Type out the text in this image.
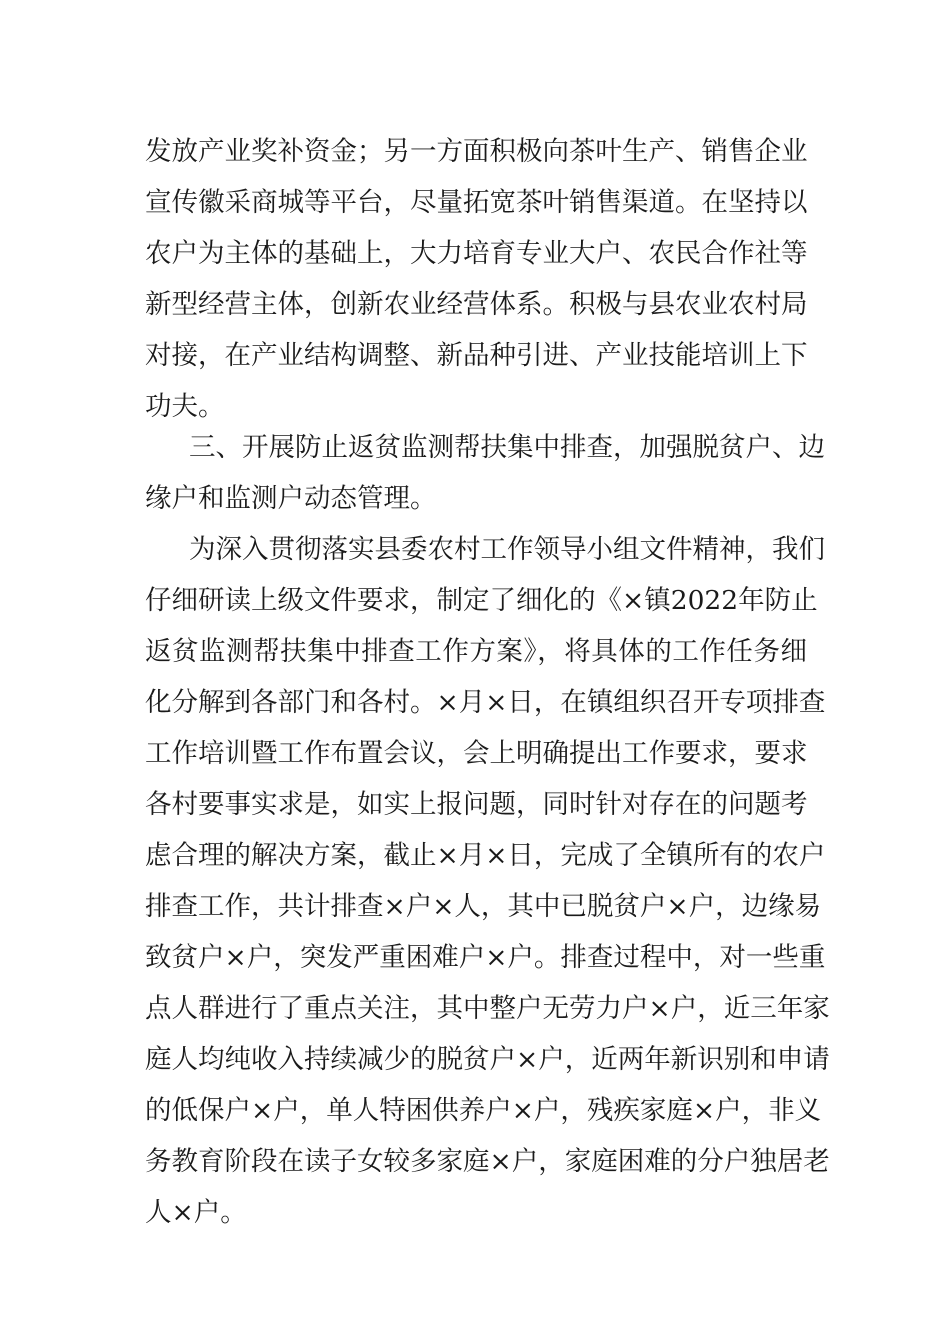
发放产业奖补资金；另一方面积极向茶叶生产、销售企业
宣传徽采商城等平台，尽量拓宽茶叶销售渠道。在坚持以
农户为主体的基础上，大力培育专业大户、农民合作社等
新型经营主体，创新农业经营体系。积极与县农业农村局
对接，在产业结构调整、新品种引进、产业技能培训上下
功夫。
三、开展防止返贫监测帮扶集中排查，加强脱贫户、边
缘户和监测户动态管理。
为深入贯彻落实县委农村工作领导小组文件精神，我们
仔细研读上级文件要求，制定了细化的《×镇2022年防止
返贫监测帮扶集中排查工作方案》，将具体的工作任务细
化分解到各部门和各村。×月×日，在镇组织召开专项排查
工作培训暨工作布置会议，会上明确提出工作要求，要求
各村要事实求是，如实上报问题，同时针对存在的问题考
虑合理的解决方案，截止×月×日，完成了全镇所有的农户
排查工作，共计排查×户×人，其中已脱贫户×户，边缘易
致贫户×户，突发严重困难户×户。排查过程中，对一些重
点人群进行了重点关注，其中整户无劳力户×户，近三年家
庭人均纯收入持续减少的脱贫户×户，近两年新识别和申请
的低保户×户，单人特困供养户×户，残疾家庭×户，非义
务教育阶段在读子女较多家庭×户，家庭困难的分户独居老
人×户。
